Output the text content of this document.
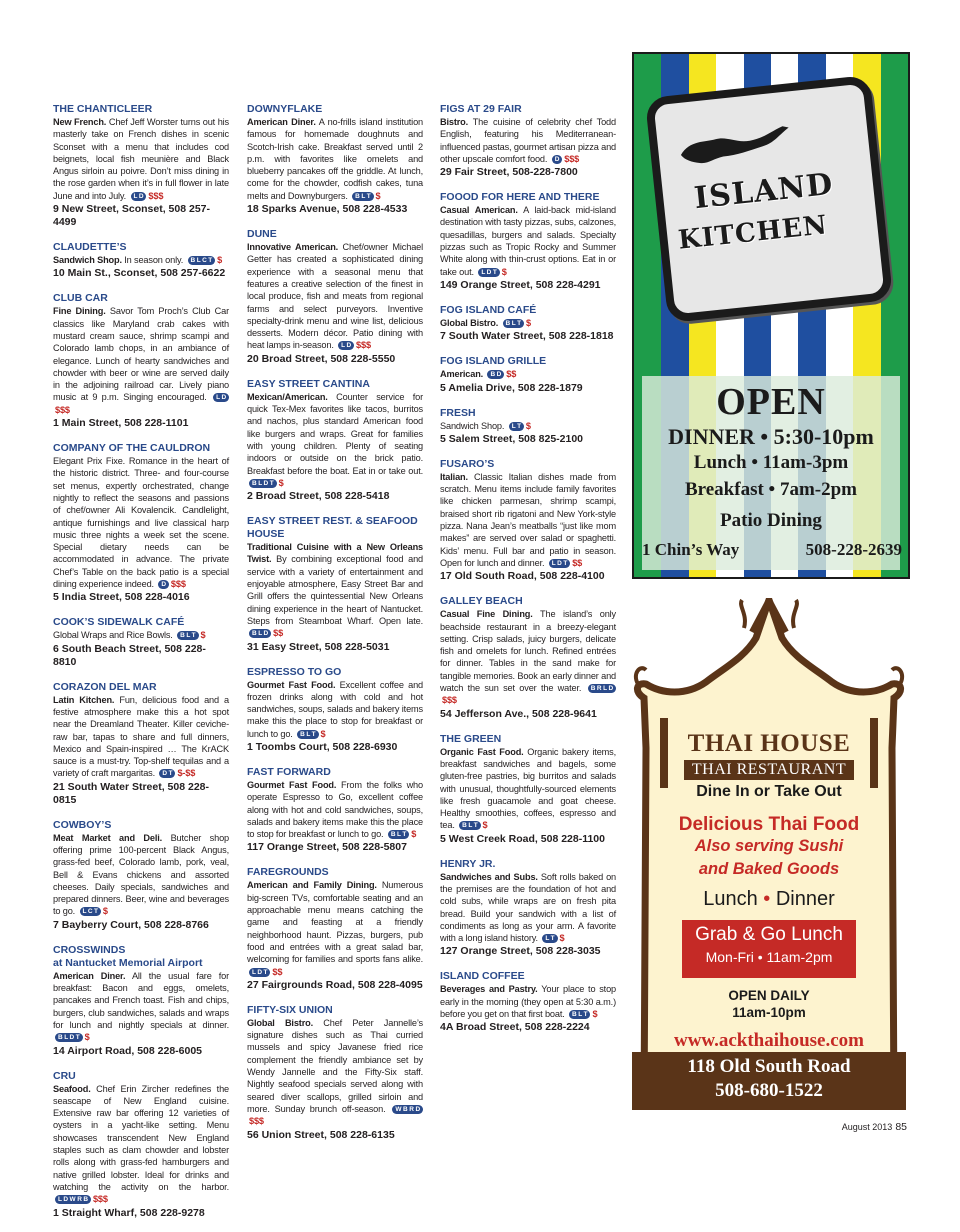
THE CHANTICLEER
New French. Chef Jeff Worster turns out his masterly take on French dishes in scenic Sconset with a menu that includes cod beignets, local fish meunière and Black Angus sirloin au poivre. Don’t miss dining in the rose garden when it’s in full flower in late June and into July. L D $$$
9 New Street, Sconset, 508 257-4499
CLAUDETTE’S
Sandwich Shop. In season only. B L C T $
10 Main St., Sconset, 508 257-6622
CLUB CAR
Fine Dining. Savor Tom Proch’s Club Car classics like Maryland crab cakes with mustard cream sauce, shrimp scampi and Colorado lamb chops, in an ambiance of elegance. Lunch of hearty sandwiches and chowder with beer or wine are served daily in the adjoining railroad car. Lively piano music at 9 p.m. Singing encouraged. L D$$$
1 Main Street, 508 228-1101
COMPANY OF THE CAULDRON
Elegant Prix Fixe. Romance in the heart of the historic district. Three- and four-course set menus, expertly orchestrated, change nightly to reflect the seasons and passions of chef/owner Ali Kovalencik. Candlelight, antique furnishings and live classical harp music three nights a week set the scene. Special dietary needs can be accommodated in advance. The private Chef’s Table on the back patio is a special dining experience indeed. D $$$
5 India Street, 508 228-4016
COOK’S SIDEWALK CAFÉ
Global Wraps and Rice Bowls. B L T $
6 South Beach Street, 508 228-8810
CORAZON DEL MAR
Latin Kitchen. Fun, delicious food and a festive atmosphere make this a hot spot near the Dreamland Theater. Killer ceviche-raw bar, tapas to share and full dinners, Mexico and Spain-inspired … The KrACK sauce is a must-try. Top-shelf tequilas and a variety of craft margaritas. D T $-$$
21 South Water Street, 508 228-0815
COWBOY’S
Meat Market and Deli. Butcher shop offering prime 100-percent Black Angus, grass-fed beef, Colorado lamb, pork, veal, Bell & Evans chickens and assorted cheeses. Daily specials, sandwiches and prepared dinners. Beer, wine and beverages to go. L C T $
7 Bayberry Court, 508 228-8766
CROSSWINDS
at Nantucket Memorial Airport
American Diner. All the usual fare for breakfast: Bacon and eggs, omelets, pancakes and French toast. Fish and chips, burgers, club sandwiches, salads and wraps for lunch and nightly specials at dinner. B L D T $
14 Airport Road, 508 228-6005
CRU
Seafood. Chef Erin Zircher redefines the seascape of New England cuisine. Extensive raw bar offering 12 varieties of oysters in a yacht-like setting. Menu showcases transcendent New England staples such as clam chowder and lobster rolls along with grass-fed hamburgers and native grilled lobster. Ideal for drinks and watching the activity on the harbor. L D W R B $$$
1 Straight Wharf, 508 228-9278
DOWNYFLAKE
American Diner. A no-frills island institution famous for homemade doughnuts and Scotch-Irish cake. Breakfast served until 2 p.m. with favorites like omelets and blueberry pancakes off the griddle. At lunch, come for the chowder, codfish cakes, tuna melts and Downyburgers. B L T $
18 Sparks Avenue, 508 228-4533
DUNE
Innovative American. Chef/owner Michael Getter has created a sophisticated dining experience with a seasonal menu that features a creative selection of the finest in local produce, fish and meats from regional farms and select purveyors. Inventive specialty-drink menu and wine list, delicious desserts. Modern décor. Patio dining with heat lamps in-season. L D $$$
20 Broad Street, 508 228-5550
EASY STREET CANTINA
Mexican/American. Counter service for quick Tex-Mex favorites like tacos, burritos and nachos, plus standard American food like burgers and wraps. Great for families with young children. Plenty of seating indoors or outside on the brick patio. Breakfast before the boat. Eat in or take out. B L D T $
2 Broad Street, 508 228-5418
EASY STREET REST. & SEAFOOD HOUSE
Traditional Cuisine with a New Orleans Twist. By combining exceptional food and service with a variety of entertainment and enjoyable atmosphere, Easy Street Bar and Grill offers the quintessential New Orleans dining experience in the heart of Nantucket. Steps from Steamboat Wharf. Open late. B L D $$
31 Easy Street, 508 228-5031
ESPRESSO TO GO
Gourmet Fast Food. Excellent coffee and frozen drinks along with cold and hot sandwiches, soups, salads and bakery items make this the place to stop for breakfast or lunch to go. B L T $
1 Toombs Court, 508 228-6930
FAST FORWARD
Gourmet Fast Food. From the folks who operate Espresso to Go, excellent coffee along with hot and cold sandwiches, soups, salads and bakery items make this the place to stop for breakfast or lunch to go. B L T $
117 Orange Street, 508 228-5807
FAREGROUNDS
American and Family Dining. Numerous big-screen TVs, comfortable seating and an approachable menu means catching the game and feasting at a friendly neighborhood haunt. Pizzas, burgers, pub food and entrées with a great salad bar, welcoming for families and sports fans alike. L D T $$
27 Fairgrounds Road, 508 228-4095
FIFTY-SIX UNION
Global Bistro. Chef Peter Jannelle’s signature dishes such as Thai curried mussels and spicy Javanese fried rice complement the friendly ambiance set by Wendy Jannelle and the Fifty-Six staff. Nightly seafood specials served along with seared diver scallops, grilled sirloin and more. Sunday brunch off-season. W B R D$$$
56 Union Street, 508 228-6135
FIGS AT 29 FAIR
Bistro. The cuisine of celebrity chef Todd English, featuring his Mediterranean-influenced pastas, gourmet artisan pizza and other upscale comfort food. D $$$
29 Fair Street, 508-228-7800
FOOOD FOR HERE AND THERE
Casual American. A laid-back mid-island destination with tasty pizzas, subs, calzones, quesadillas, burgers and salads. Specialty pizzas such as Tropic Rocky and Summer White along with thin-crust options. Eat in or take out. L D T $
149 Orange Street, 508 228-4291
FOG ISLAND CAFÉ
Global Bistro. B L T $
7 South Water Street, 508 228-1818
FOG ISLAND GRILLE
American. B D $$
5 Amelia Drive, 508 228-1879
FRESH
Sandwich Shop. L T $
5 Salem Street, 508 825-2100
FUSARO’S
Italian. Classic Italian dishes made from scratch. Menu items include family favorites like chicken parmesan, shrimp scampi, braised short rib rigatoni and New York-style pizza. Nana Jean’s meatballs “just like mom makes” are served over salad or spaghetti. Kids’ menu. Full bar and patio in season. Open for lunch and dinner. L D T $$
17 Old South Road, 508 228-4100
GALLEY BEACH
Casual Fine Dining. The island’s only beachside restaurant in a breezy-elegant setting. Crisp salads, juicy burgers, delicate fish and omelets for lunch. Refined entrées for dinner. Tables in the sand make for tangible memories. Book an early dinner and watch the sun set over the water. B R L D$$$
54 Jefferson Ave., 508 228-9641
THE GREEN
Organic Fast Food. Organic bakery items, breakfast sandwiches and bagels, some gluten-free pastries, big burritos and salads with unusual, thoughtfully-sourced elements like fresh guacamole and goat cheese. Healthy smoothies, coffees, espresso and tea. B L T $
5 West Creek Road, 508 228-1100
HENRY JR.
Sandwiches and Subs. Soft rolls baked on the premises are the foundation of hot and cold subs, while wraps are on fresh pita bread. Build your sandwich with a list of condiments as long as your arm. A favorite with a long island history. L T $
127 Orange Street, 508 228-3035
ISLAND COFFEE
Beverages and Pastry. Your place to stop early in the morning (they open at 5:30 a.m.) before you get on that first boat. B L T $
4A Broad Street, 508 228-2224
ISLAND
KITCHEN
OPEN
DINNER • 5:30-10pm
Lunch • 11am-3pm
Breakfast • 7am-2pm
Patio Dining
1 Chin’s Way	508-228-2639
THAI HOUSE
THAI RESTAURANT
Dine In or Take Out
Delicious Thai Food
Also serving Sushi
and Baked Goods
Lunch • Dinner
Grab & Go Lunch
Mon-Fri • 11am-2pm
OPEN DAILY
11am-10pm
www.ackthaihouse.com
118 Old South Road
508-680-1522
August 2013 85
